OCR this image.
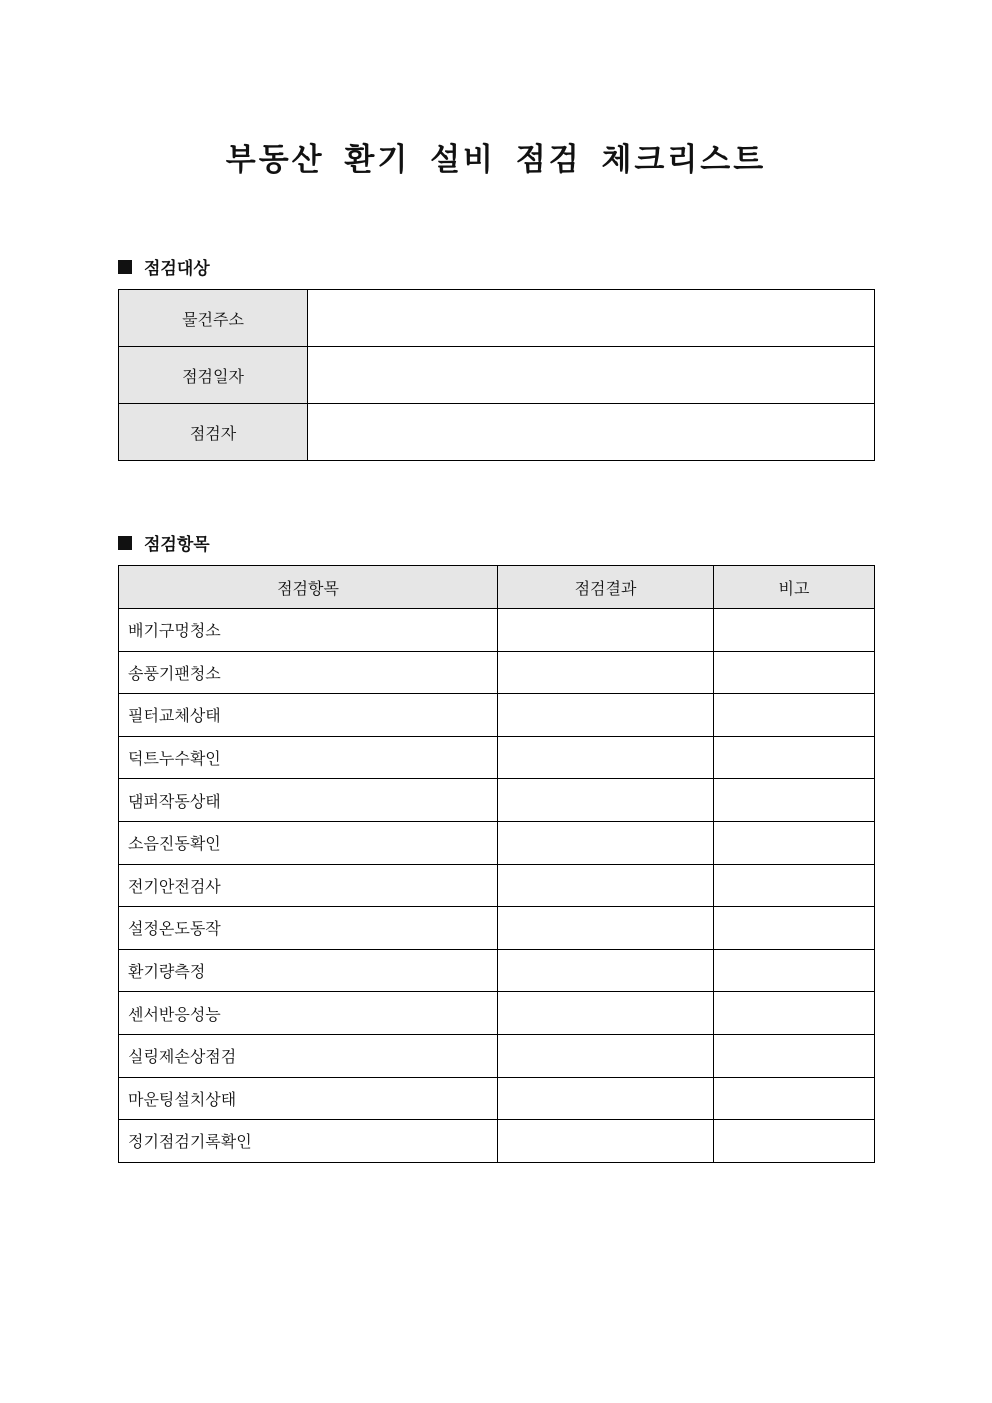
부동산 환기 설비 점검 체크리스트
점검대상
물건주소	
점검일자	
점검자	
점검항목
점검항목	점검결과	비고
배기구멍청소		
송풍기팬청소		
필터교체상태		
덕트누수확인		
댐퍼작동상태		
소음진동확인		
전기안전검사		
설정온도동작		
환기량측정		
센서반응성능		
실링제손상점검		
마운팅설치상태		
정기점검기록확인		
